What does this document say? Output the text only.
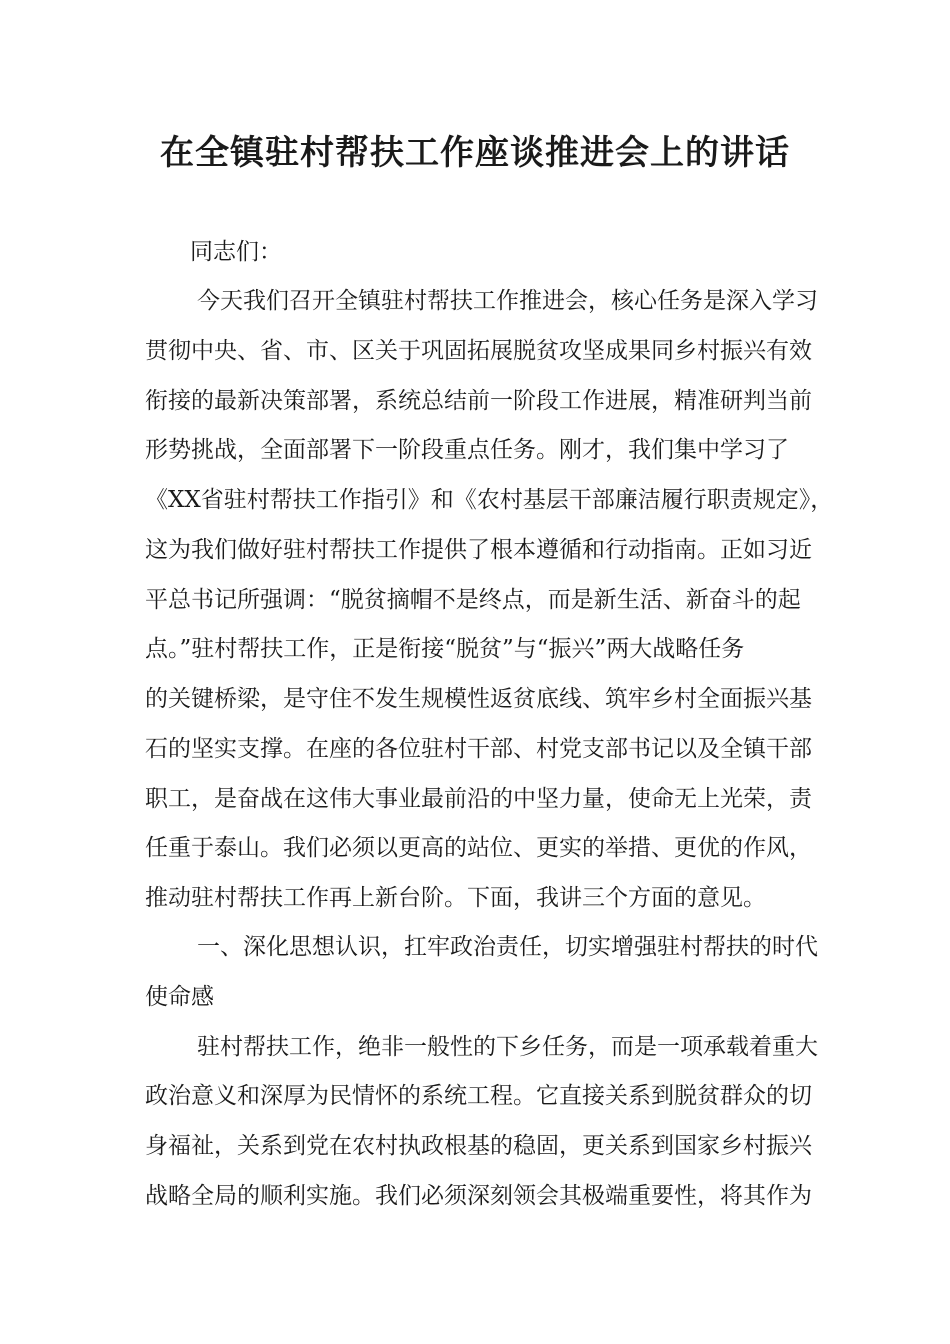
在全镇驻村帮扶工作座谈推进会上的讲话

同志们：

今天我们召开全镇驻村帮扶工作推进会，核心任务是深入学习

贯彻中央、省、市、区关于巩固拓展脱贫攻坚成果同乡村振兴有效

衔接的最新决策部署，系统总结前一阶段工作进展，精准研判当前

形势挑战，全面部署下一阶段重点任务。刚才，我们集中学习了

《XX省驻村帮扶工作指引》和《农村基层干部廉洁履行职责规定》，

这为我们做好驻村帮扶工作提供了根本遵循和行动指南。正如习近

平总书记所强调：“脱贫摘帽不是终点，而是新生活、新奋斗的起

点。”驻村帮扶工作，正是衔接“脱贫”与“振兴”两大战略任务

的关键桥梁，是守住不发生规模性返贫底线、筑牢乡村全面振兴基

石的坚实支撑。在座的各位驻村干部、村党支部书记以及全镇干部

职工，是奋战在这伟大事业最前沿的中坚力量，使命无上光荣，责

任重于泰山。我们必须以更高的站位、更实的举措、更优的作风，

推动驻村帮扶工作再上新台阶。下面，我讲三个方面的意见。

一、深化思想认识，扛牢政治责任，切实增强驻村帮扶的时代

使命感

驻村帮扶工作，绝非一般性的下乡任务，而是一项承载着重大

政治意义和深厚为民情怀的系统工程。它直接关系到脱贫群众的切

身福祉，关系到党在农村执政根基的稳固，更关系到国家乡村振兴

战略全局的顺利实施。我们必须深刻领会其极端重要性，将其作为
